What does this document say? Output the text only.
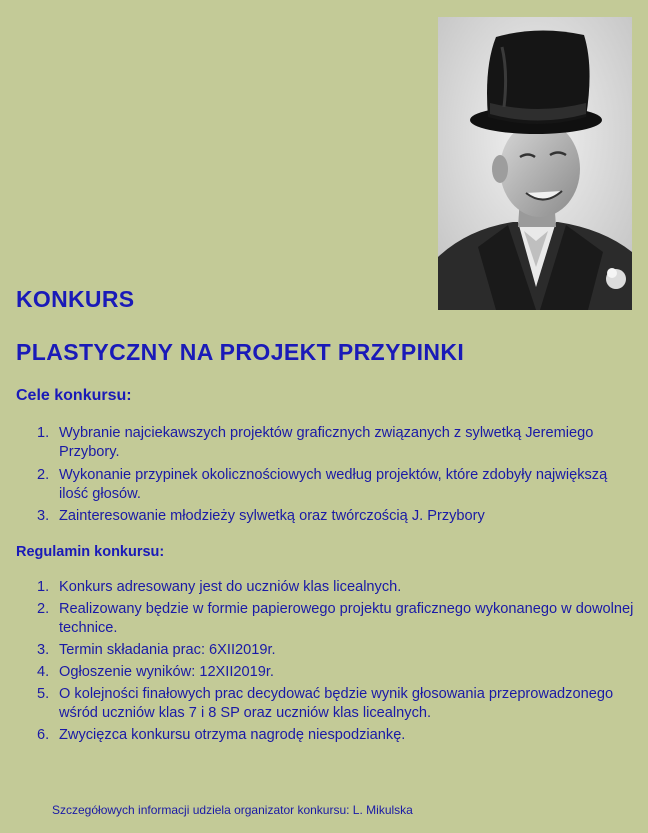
KONKURS
PLASTYCZNY NA PROJEKT PRZYPINKI
Cele konkursu:
1. Wybranie najciekawszych projektów graficznych związanych z sylwetką Jeremiego Przybory.
2. Wykonanie przypinek okolicznościowych według projektów, które zdobyły największą ilość głosów.
3. Zainteresowanie młodzieży sylwetką oraz twórczością J. Przybory
Regulamin konkursu:
1. Konkurs adresowany jest do uczniów klas licealnych.
2. Realizowany będzie w formie papierowego projektu graficznego wykonanego w dowolnej technice.
3. Termin składania prac: 6XII2019r.
4. Ogłoszenie wyników: 12XII2019r.
5. O kolejności finałowych prac decydować będzie wynik głosowania przeprowadzonego wśród uczniów klas 7 i 8 SP oraz uczniów klas licealnych.
6. Zwycięzca konkursu otrzyma nagrodę niespodziankę.
Szczegółowych informacji udziela organizator konkursu: L. Mikulska
